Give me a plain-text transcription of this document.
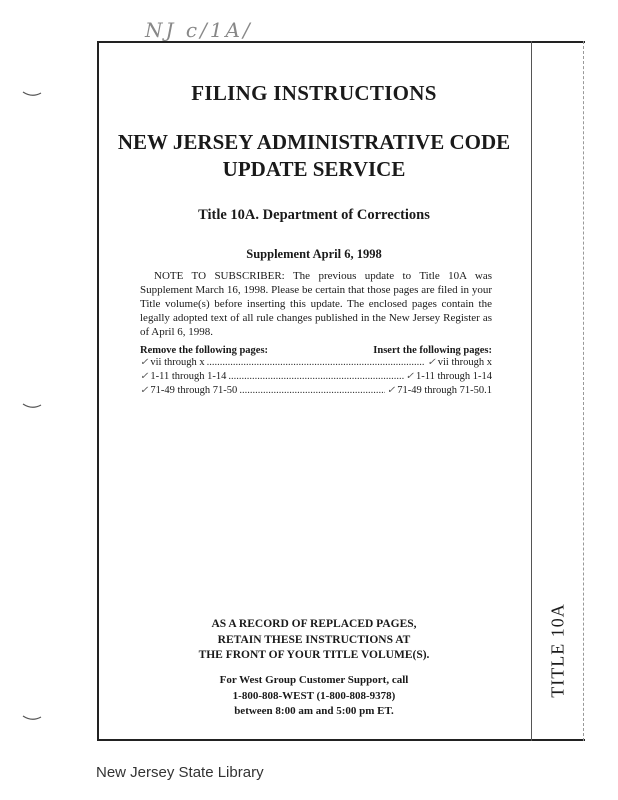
NJ c/1A/
FILING INSTRUCTIONS
NEW JERSEY ADMINISTRATIVE CODE
UPDATE SERVICE
Title 10A. Department of Corrections
Supplement April 6, 1998
NOTE TO SUBSCRIBER: The previous update to Title 10A was Supplement March 16, 1998. Please be certain that those pages are filed in your Title volume(s) before inserting this update. The enclosed pages contain the legally adopted text of all rule changes published in the New Jersey Register as of April 6, 1998.
Remove the following pages:	Insert the following pages:
✓ vii through x .....	✓ vii through x
✓ 1-11 through 1-14 .....	✓ 1-11 through 1-14
✓ 71-49 through 71-50 .....	✓ 71-49 through 71-50.1
AS A RECORD OF REPLACED PAGES,
RETAIN THESE INSTRUCTIONS AT
THE FRONT OF YOUR TITLE VOLUME(S).
For West Group Customer Support, call
1-800-808-WEST (1-800-808-9378)
between 8:00 am and 5:00 pm ET.
TITLE 10A
New Jersey State Library
